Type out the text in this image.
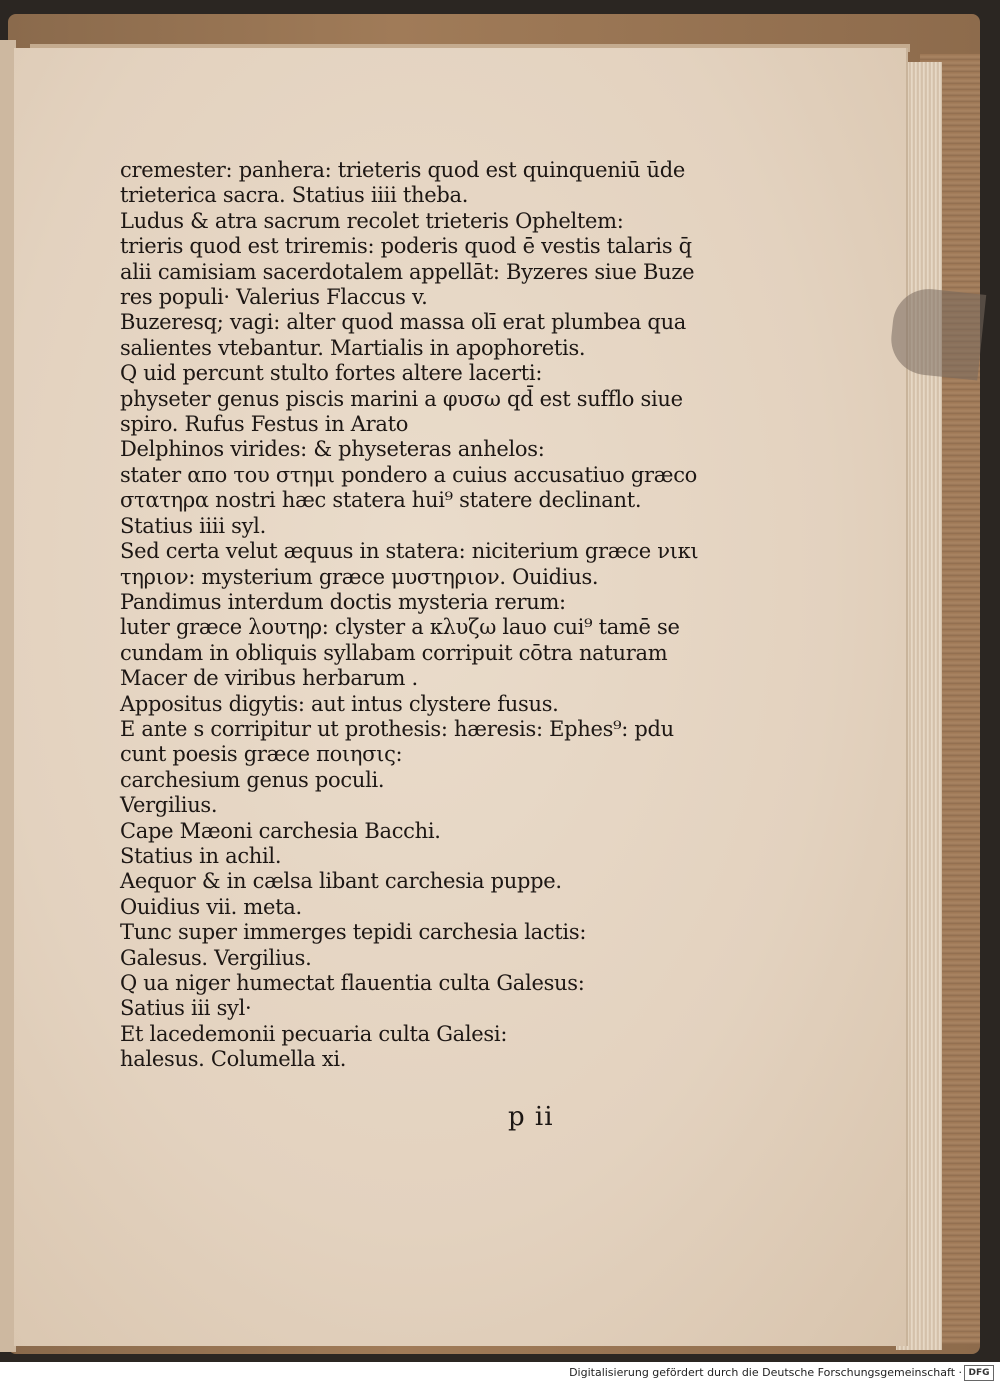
cremester: panhera: trieteris quod est quinqueniū ūde
trieterica sacra. Statius iiii theba.
Ludus & atra sacrum recolet trieteris Opheltem:
trieris quod est triremis: poderis quod ē vestis talaris q̄
alii camisiam sacerdotalem appellāt: Byzeres siue Buze
res populi· Valerius Flaccus v.
Buzeresq; vagi: alter quod massa olī erat plumbea qua
salientes vtebantur. Martialis in apophoretis.
Q uid percunt stulto fortes altere lacerti:
physeter genus piscis marini a φυσω qd̄ est sufflo siue
spiro. Rufus Festus in Arato
Delphinos virides: & physeteras anhelos:
stater απο του στημι pondero a cuius accusatiuo græco
στατηρα nostri hæc statera hui⁹ statere declinant.
Statius iiii syl.
Sed certa velut æquus in statera: niciterium græce νικι
τηριον: mysterium græce μυστηριον. Ouidius.
Pandimus interdum doctis mysteria rerum:
luter græce λουτηρ: clyster a κλυζω lauo cui⁹ tamē se
cundam in obliquis syllabam corripuit cōtra naturam
Macer de viribus herbarum .
Appositus digytis: aut intus clystere fusus.
E ante s corripitur ut prothesis: hæresis: Ephes⁹: pdu
cunt poesis græce ποιησις:
carchesium genus poculi.
Vergilius.
Cape Mæoni carchesia Bacchi.
Statius in achil.
Aequor & in cælsa libant carchesia puppe.
Ouidius vii. meta.
Tunc super immerges tepidi carchesia lactis:
Galesus. Vergilius.
Q ua niger humectat flauentia culta Galesus:
Satius iii syl·
Et lacedemonii pecuaria culta Galesi:
halesus. Columella xi.
p ii
Digitalisierung gefördert durch die Deutsche Forschungsgemeinschaft · DFG
